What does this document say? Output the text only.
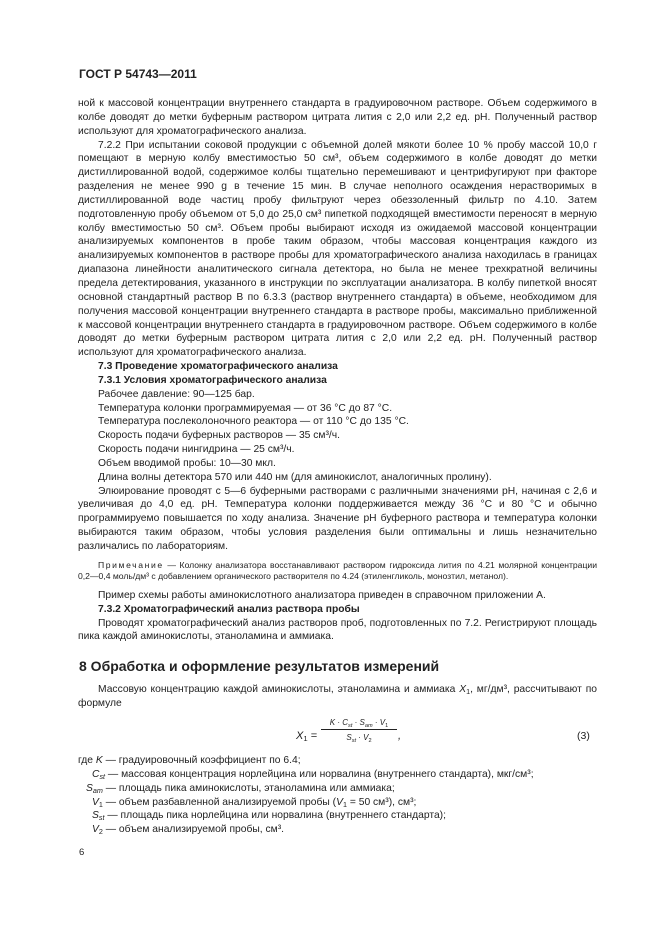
ГОСТ Р 54743—2011

ной к массовой концентрации внутреннего стандарта в градуировочном растворе. Объем содержимого в колбе доводят до метки буферным раствором цитрата лития с 2,0 или 2,2 ед. рН. Полученный раствор используют для хроматографического анализа.

7.2.2 При испытании соковой продукции с объемной долей мякоти более 10 % пробу массой 10,0 г помещают в мерную колбу вместимостью 50 см³, объем содержимого в колбе доводят до метки дистиллированной водой, содержимое колбы тщательно перемешивают и центрифугируют при факторе разделения не менее 990 g в течение 15 мин. В случае неполного осаждения нерастворимых в дистиллированной воде частиц пробу фильтруют через обеззоленный фильтр по 4.10. Затем подготовленную пробу объемом от 5,0 до 25,0 см³ пипеткой подходящей вместимости переносят в мерную колбу вместимостью 50 см³. Объем пробы выбирают исходя из ожидаемой массовой концентрации анализируемых компонентов в пробе таким образом, чтобы массовая концентрация каждого из анализируемых компонентов в растворе пробы для хроматографического анализа находилась в границах диапазона линейности аналитического сигнала детектора, но была не менее трехкратной величины предела детектирования, указанного в инструкции по эксплуатации анализатора. В колбу пипеткой вносят основной стандартный раствор В по 6.3.3 (раствор внутреннего стандарта) в объеме, необходимом для получения массовой концентрации внутреннего стандарта в растворе пробы, максимально приближенной к массовой концентрации внутреннего стандарта в градуировочном растворе. Объем содержимого в колбе доводят до метки буферным раствором цитрата лития с 2,0 или 2,2 ед. рН. Полученный раствор используют для хроматографического анализа.

7.3 Проведение хроматографического анализа

7.3.1 Условия хроматографического анализа

Рабочее давление: 90—125 бар.

Температура колонки программируемая — от 36 °С до 87 °С.

Температура послеколоночного реактора — от 110 °С до 135 °С.

Скорость подачи буферных растворов — 35 см³/ч.

Скорость подачи нингидрина — 25 см³/ч.

Объем вводимой пробы: 10—30 мкл.

Длина волны детектора 570 или 440 нм (для аминокислот, аналогичных пролину).

Элюирование проводят с 5—6 буферными растворами с различными значениями рН, начиная с 2,6 и увеличивая до 4,0 ед. рН. Температура колонки поддерживается между 36 °С и 80 °С и обычно программируемо повышается по ходу анализа. Значение рН буферного раствора и температура колонки выбираются таким образом, чтобы условия разделения были оптимальны и лишь незначительно различались по лабораториям.

Примечание — Колонку анализатора восстанавливают раствором гидроксида лития по 4.21 молярной концентрации 0,2—0,4 моль/дм³ с добавлением органического растворителя по 4.24 (этиленгликоль, монозтил, метанол).

Пример схемы работы аминокислотного анализатора приведен в справочном приложении А.

7.3.2 Хроматографический анализ раствора пробы

Проводят хроматографический анализ растворов проб, подготовленных по 7.2. Регистрируют площадь пика каждой аминокислоты, этаноламина и аммиака.

8 Обработка и оформление результатов измерений

Массовую концентрацию каждой аминокислоты, этаноламина и аммиака $X_1$, мг/дм³, рассчитывают по формуле

$X_1$ =
$K \cdot C_{st} \cdot S_{am} \cdot V_1$
$S_{st} \cdot V_2$	,	(3)

где K — градуировочный коэффициент по 6.4;

$C_{st}$ — массовая концентрация норлейцина или норвалина (внутреннего стандарта), мкг/см³;

$S_{am}$ — площадь пика аминокислоты, этаноламина или аммиака;

$V_1$ — объем разбавленной анализируемой пробы ($V_1 = 50$ см³), см³;

$S_{st}$ — площадь пика норлейцина или норвалина (внутреннего стандарта);

$V_2$ — объем анализируемой пробы, см³.

6
